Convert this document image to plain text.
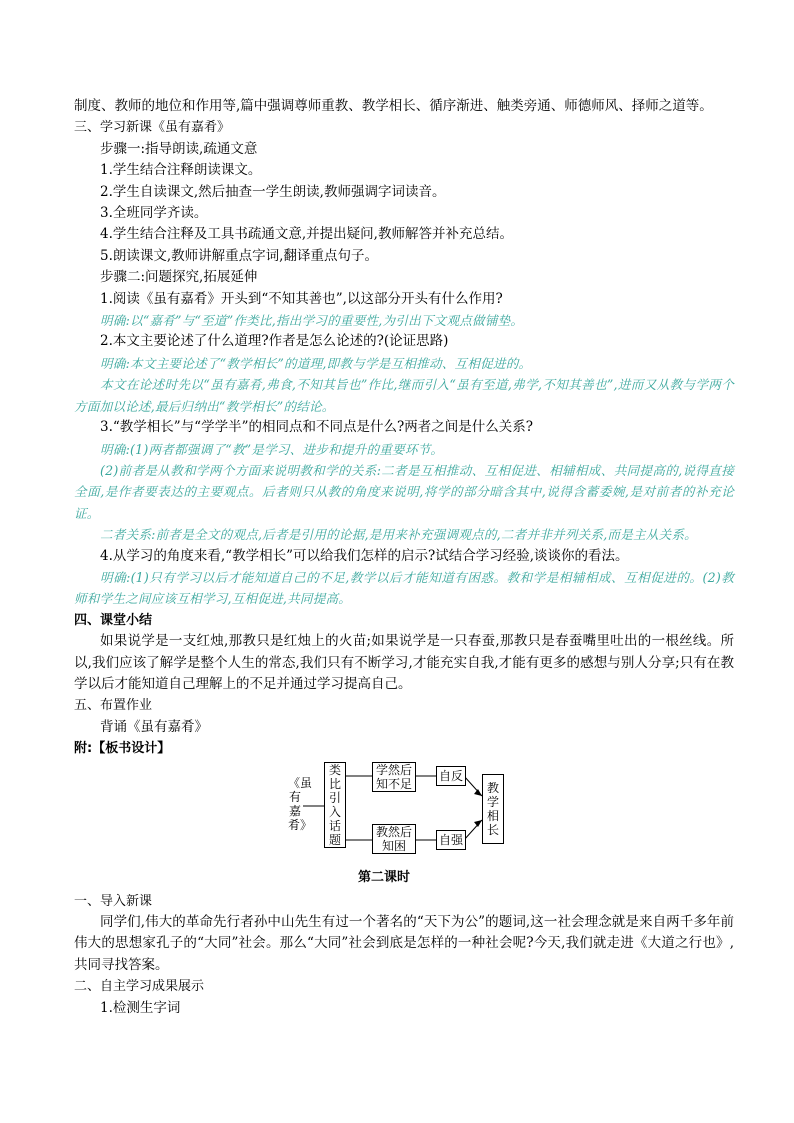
制度、教师的地位和作用等,篇中强调尊师重教、教学相长、循序渐进、触类旁通、师德师风、择师之道等。
三、学习新课《虽有嘉肴》
步骤一:指导朗读,疏通文意
1.学生结合注释朗读课文。
2.学生自读课文,然后抽查一学生朗读,教师强调字词读音。
3.全班同学齐读。
4.学生结合注释及工具书疏通文意,并提出疑问,教师解答并补充总结。
5.朗读课文,教师讲解重点字词,翻译重点句子。
步骤二:问题探究,拓展延伸
1.阅读《虽有嘉肴》开头到“不知其善也”,以这部分开头有什么作用?
明确:以“嘉肴”与“至道”作类比,指出学习的重要性,为引出下文观点做铺垫。
2.本文主要论述了什么道理?作者是怎么论述的?(论证思路)
明确:本文主要论述了“教学相长”的道理,即教与学是互相推动、互相促进的。
本文在论述时先以“虽有嘉肴,弗食,不知其旨也”作比,继而引入“虽有至道,弗学,不知其善也”,进而又从教与学两个方面加以论述,最后归纳出“教学相长”的结论。
3.“教学相长”与“学学半”的相同点和不同点是什么?两者之间是什么关系?
明确:(1)两者都强调了“教”是学习、进步和提升的重要环节。
(2)前者是从教和学两个方面来说明教和学的关系:二者是互相推动、互相促进、相辅相成、共同提高的,说得直接全面,是作者要表达的主要观点。后者则只从教的角度来说明,将学的部分暗含其中,说得含蓄委婉,是对前者的补充论证。
二者关系:前者是全文的观点,后者是引用的论据,是用来补充强调观点的,二者并非并列关系,而是主从关系。
4.从学习的角度来看,“教学相长”可以给我们怎样的启示?试结合学习经验,谈谈你的看法。
明确:(1)只有学习以后才能知道自己的不足,教学以后才能知道有困惑。教和学是相辅相成、互相促进的。(2)教师和学生之间应该互相学习,互相促进,共同提高。
四、课堂小结
如果说学是一支红烛,那教只是红烛上的火苗;如果说学是一只春蚕,那教只是春蚕嘴里吐出的一根丝线。所以,我们应该了解学是整个人生的常态,我们只有不断学习,才能充实自我,才能有更多的感想与别人分享;只有在教学以后才能知道自己理解上的不足并通过学习提高自己。
五、布置作业
背诵《虽有嘉肴》
附:【板书设计】
《虽有嘉肴》
类比引入话题
学然后知不足
教然后知困
自反
自强
教学相长
第二课时
一、导入新课
同学们,伟大的革命先行者孙中山先生有过一个著名的“天下为公”的题词,这一社会理念就是来自两千多年前伟大的思想家孔子的“大同”社会。那么“大同”社会到底是怎样的一种社会呢?今天,我们就走进《大道之行也》,共同寻找答案。
二、自主学习成果展示
1.检测生字词
